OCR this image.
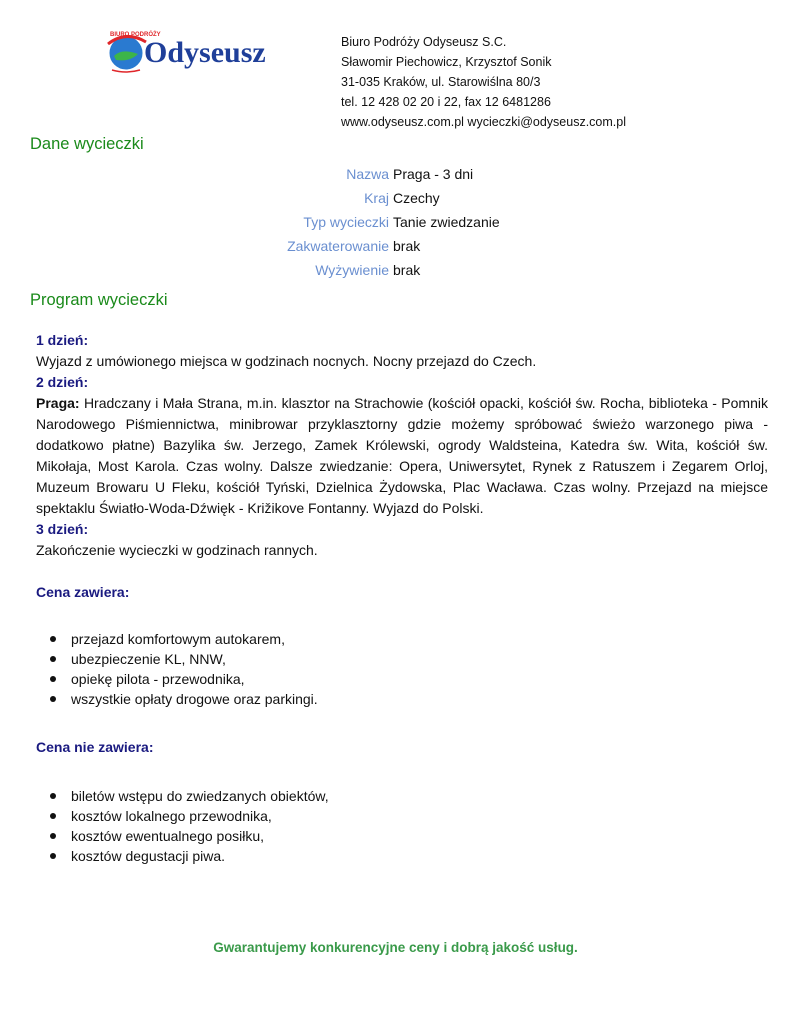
BIURO PODRÓŻY
Odyseusz	Biuro Podróży Odyseusz S.C.
Sławomir Piechowicz, Krzysztof Sonik
31-035 Kraków, ul. Starowiślna 80/3
tel. 12 428 02 20 i 22, fax 12 6481286
www.odyseusz.com.pl wycieczki@odyseusz.com.pl
Dane wycieczki
Nazwa Praga - 3 dni
Kraj Czechy
Typ wycieczki Tanie zwiedzanie
Zakwaterowanie brak
Wyżywienie brak
Program wycieczki
1 dzień:
Wyjazd z umówionego miejsca w godzinach nocnych. Nocny przejazd do Czech.
2 dzień:
Praga: Hradczany i Mała Strana, m.in. klasztor na Strachowie (kościół opacki, kościół św. Rocha, biblioteka - Pomnik Narodowego Piśmiennictwa, minibrowar przyklasztorny gdzie możemy spróbować świeżo warzonego piwa - dodatkowo płatne) Bazylika św. Jerzego, Zamek Królewski, ogrody Waldsteina, Katedra św. Wita, kościół św. Mikołaja, Most Karola. Czas wolny. Dalsze zwiedzanie: Opera, Uniwersytet, Rynek z Ratuszem i Zegarem Orloj, Muzeum Browaru U Fleku, kościół Tyński, Dzielnica Żydowska, Plac Wacława. Czas wolny. Przejazd na miejsce spektaklu Światło-Woda-Dźwięk - Križikove Fontanny. Wyjazd do Polski.
3 dzień:
Zakończenie wycieczki w godzinach rannych.
Cena zawiera:
przejazd komfortowym autokarem,
ubezpieczenie KL, NNW,
opiekę pilota - przewodnika,
wszystkie opłaty drogowe oraz parkingi.
Cena nie zawiera:
biletów wstępu do zwiedzanych obiektów,
kosztów lokalnego przewodnika,
kosztów ewentualnego posiłku,
kosztów degustacji piwa.
Gwarantujemy konkurencyjne ceny i dobrą jakość usług.
